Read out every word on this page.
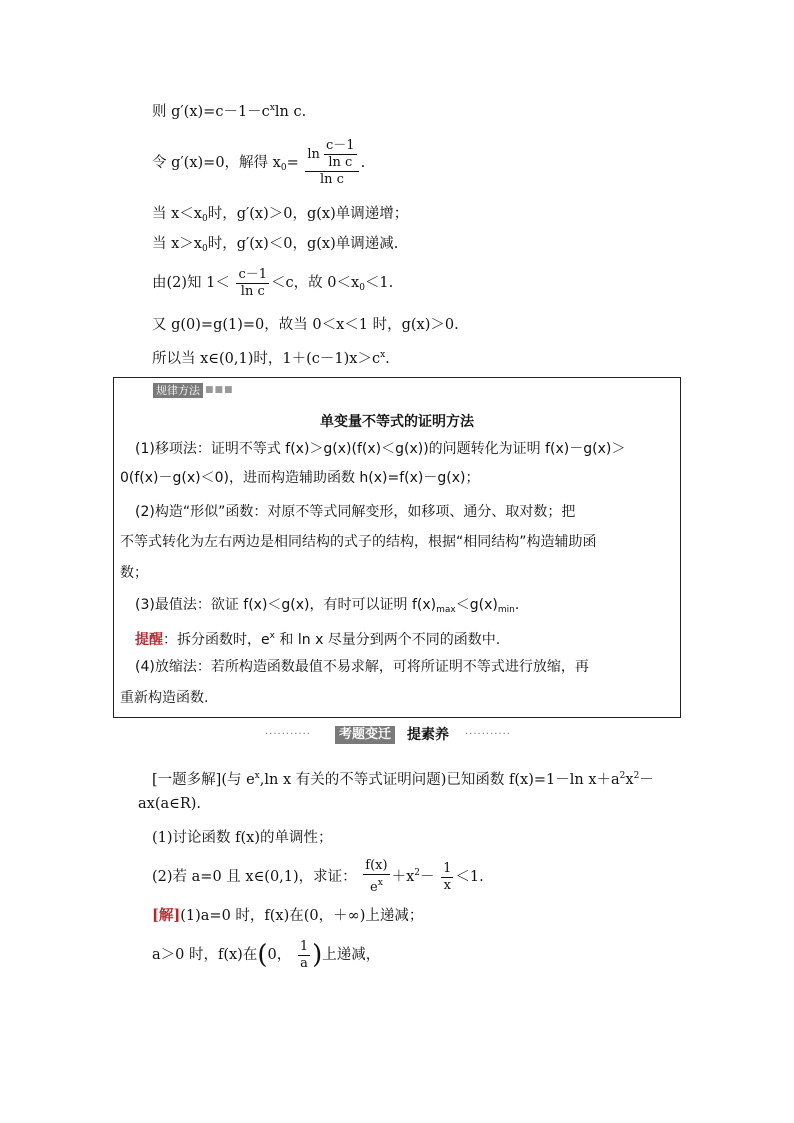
则 $g'(x)=c-1-c^x\ln$ c.
令 g′(x)=0，解得 $x_0= \frac{\ln \frac{c-1}{\text{ln c}}}{\text{ln c}}$ .
当 $x<x_0$时，g′(x)＞0，g(x)单调递增；
当 $x>x_0$时，g′(x)＜0，g(x)单调递减.
由(2)知 $1< \frac{c-1}{\text{ln c}} <c$，故 $0<x_0<1$.
又 g(0)=g(1)=0，故当 0＜x＜1 时，g(x)＞0.
所以当 x∈(0,1)时，$1+(c-1)x>c^x$.
规律方法 ■■■
单变量不等式的证明方法
(1)移项法：证明不等式 f(x)＞g(x)(f(x)＜g(x))的问题转化为证明 f(x)－g(x)＞
0(f(x)－g(x)＜0)，进而构造辅助函数 h(x)=f(x)－g(x)；
(2)构造“形似”函数：对原不等式同解变形，如移项、通分、取对数；把
不等式转化为左右两边是相同结构的式子的结构，根据“相同结构”构造辅助函
数；
(3)最值法：欲证 f(x)＜g(x)，有时可以证明 $f(x)_{max}<g(x)_{min}$.
提醒：拆分函数时，$e^x$ 和 ln x 尽量分到两个不同的函数中.
(4)放缩法：若所构造函数最值不易求解，可将所证明不等式进行放缩，再
重新构造函数.
···········	考题变迁 提素养 ···········
[一题多解](与 $e^x,\ln$ x 有关的不等式证明问题)已知函数 f(x)=1－ln $x+a^2x^2-$
ax(a∈R).
(1)讨论函数 f(x)的单调性；
(2)若 a=0 且 x∈(0,1)，求证： $\frac{f(x)}{e^x} +x^2- \frac{1}{x} <1$.
[解](1)a=0 时，f(x)在(0，＋∞)上递减；
a＞0 时，f(x)在(0， $\frac{1}{a}$ )上递减，
